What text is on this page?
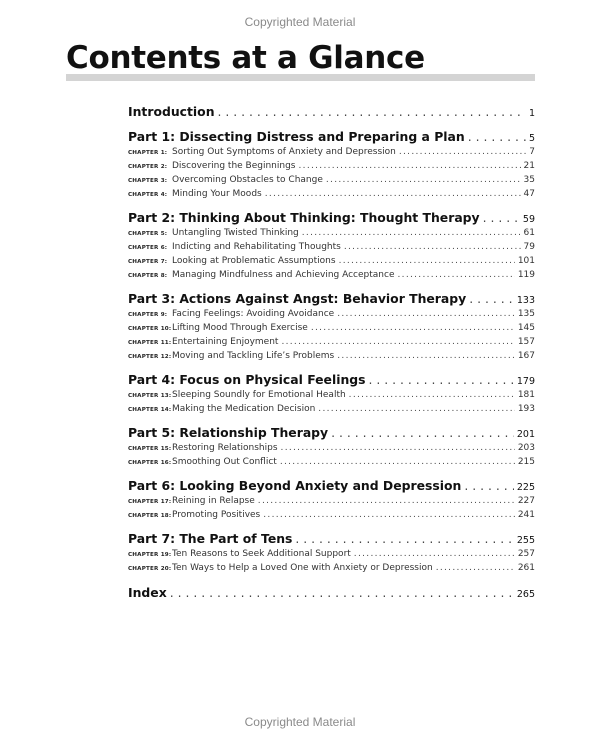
Copyrighted Material
Contents at a Glance
Introduction . . .	1
Part 1: Dissecting Distress and Preparing a Plan . . .	5
CHAPTER 1: Sorting Out Symptoms of Anxiety and Depression .....	7
CHAPTER 2: Discovering the Beginnings .....	21
CHAPTER 3: Overcoming Obstacles to Change .....	35
CHAPTER 4: Minding Your Moods .....	47
Part 2: Thinking About Thinking: Thought Therapy . . .	59
CHAPTER 5: Untangling Twisted Thinking .....	61
CHAPTER 6: Indicting and Rehabilitating Thoughts .....	79
CHAPTER 7: Looking at Problematic Assumptions .....	101
CHAPTER 8: Managing Mindfulness and Achieving Acceptance .....	119
Part 3: Actions Against Angst: Behavior Therapy . . .	133
CHAPTER 9: Facing Feelings: Avoiding Avoidance .....	135
CHAPTER 10: Lifting Mood Through Exercise .....	145
CHAPTER 11: Entertaining Enjoyment .....	157
CHAPTER 12: Moving and Tackling Life’s Problems .....	167
Part 4: Focus on Physical Feelings . . .	179
CHAPTER 13: Sleeping Soundly for Emotional Health .....	181
CHAPTER 14: Making the Medication Decision .....	193
Part 5: Relationship Therapy . . .	201
CHAPTER 15: Restoring Relationships .....	203
CHAPTER 16: Smoothing Out Conflict .....	215
Part 6: Looking Beyond Anxiety and Depression . . .	225
CHAPTER 17: Reining in Relapse .....	227
CHAPTER 18: Promoting Positives .....	241
Part 7: The Part of Tens . . .	255
CHAPTER 19: Ten Reasons to Seek Additional Support .....	257
CHAPTER 20: Ten Ways to Help a Loved One with Anxiety or Depression .....	261
Index . . .	265
Copyrighted Material
